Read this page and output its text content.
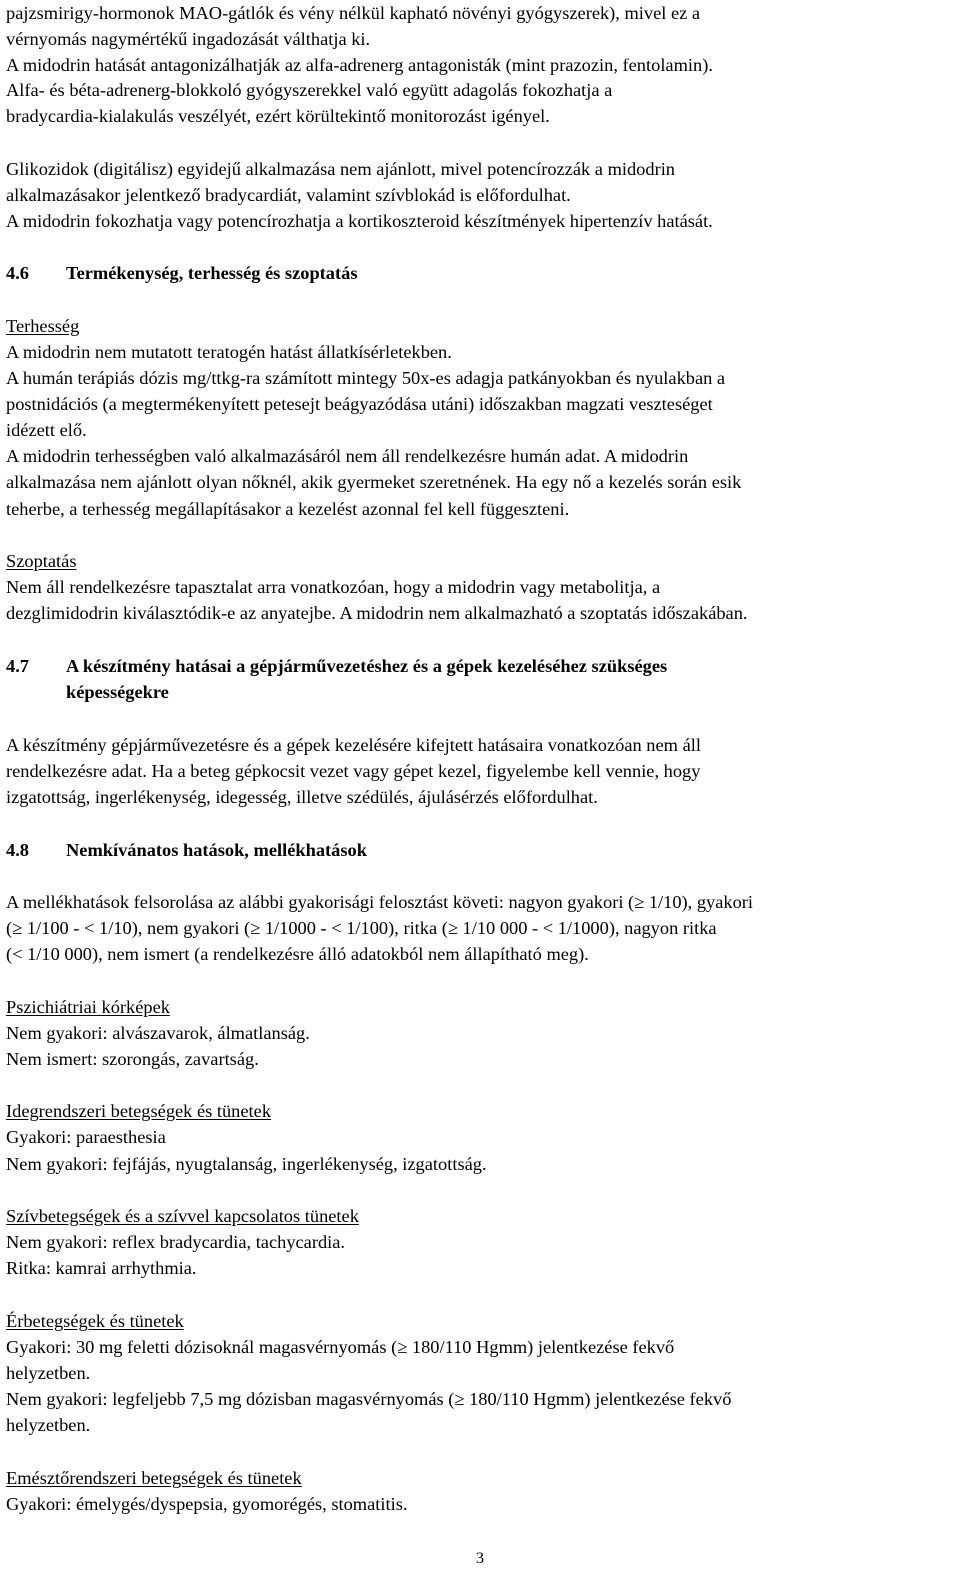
pajzsmirigy-hormonok MAO-gátlók és vény nélkül kapható növényi gyógyszerek), mivel ez a

vérnyomás nagymértékű ingadozását válthatja ki.

A midodrin hatását antagonizálhatják az alfa-adrenerg antagonisták (mint prazozin, fentolamin).

Alfa- és béta-adrenerg-blokkoló gyógyszerekkel való együtt adagolás fokozhatja a

bradycardia-kialakulás veszélyét, ezért körültekintő monitorozást igényel.

Glikozidok (digitálisz) egyidejű alkalmazása nem ajánlott, mivel potencírozzák a midodrin

alkalmazásakor jelentkező bradycardiát, valamint szívblokád is előfordulhat.

A midodrin fokozhatja vagy potencírozhatja a kortikoszteroid készítmények hipertenzív hatását.

4.6 Termékenység, terhesség és szoptatás

Terhesség

A midodrin nem mutatott teratogén hatást állatkísérletekben.

A humán terápiás dózis mg/ttkg-ra számított mintegy 50x-es adagja patkányokban és nyulakban a

postnidációs (a megtermékenyített petesejt beágyazódása utáni) időszakban magzati veszteséget

idézett elő.

A midodrin terhességben való alkalmazásáról nem áll rendelkezésre humán adat. A midodrin

alkalmazása nem ajánlott olyan nőknél, akik gyermeket szeretnének. Ha egy nő a kezelés során esik

teherbe, a terhesség megállapításakor a kezelést azonnal fel kell függeszteni.

Szoptatás

Nem áll rendelkezésre tapasztalat arra vonatkozóan, hogy a midodrin vagy metabolitja, a

dezglimidodrin kiválasztódik-e az anyatejbe. A midodrin nem alkalmazható a szoptatás időszakában.

4.7 A készítmény hatásai a gépjárművezetéshez és a gépek kezeléséhez szükséges

képességekre

A készítmény gépjárművezetésre és a gépek kezelésére kifejtett hatásaira vonatkozóan nem áll

rendelkezésre adat. Ha a beteg gépkocsit vezet vagy gépet kezel, figyelembe kell vennie, hogy

izgatottság, ingerlékenység, idegesség, illetve szédülés, ájulásérzés előfordulhat.

4.8 Nemkívánatos hatások, mellékhatások

A mellékhatások felsorolása az alábbi gyakorisági felosztást követi: nagyon gyakori (≥ 1/10), gyakori

(≥ 1/100 - < 1/10), nem gyakori (≥ 1/1000 - < 1/100), ritka (≥ 1/10 000 - < 1/1000), nagyon ritka

(< 1/10 000), nem ismert (a rendelkezésre álló adatokból nem állapítható meg).

Pszichiátriai kórképek

Nem gyakori: alvászavarok, álmatlanság.

Nem ismert: szorongás, zavartság.

Idegrendszeri betegségek és tünetek

Gyakori: paraesthesia

Nem gyakori: fejfájás, nyugtalanság, ingerlékenység, izgatottság.

Szívbetegségek és a szívvel kapcsolatos tünetek

Nem gyakori: reflex bradycardia, tachycardia.

Ritka: kamrai arrhythmia.

Érbetegségek és tünetek

Gyakori: 30 mg feletti dózisoknál magasvérnyomás (≥ 180/110 Hgmm) jelentkezése fekvő

helyzetben.

Nem gyakori: legfeljebb 7,5 mg dózisban magasvérnyomás (≥ 180/110 Hgmm) jelentkezése fekvő

helyzetben.

Emésztőrendszeri betegségek és tünetek

Gyakori: émelygés/dyspepsia, gyomorégés, stomatitis.

3
